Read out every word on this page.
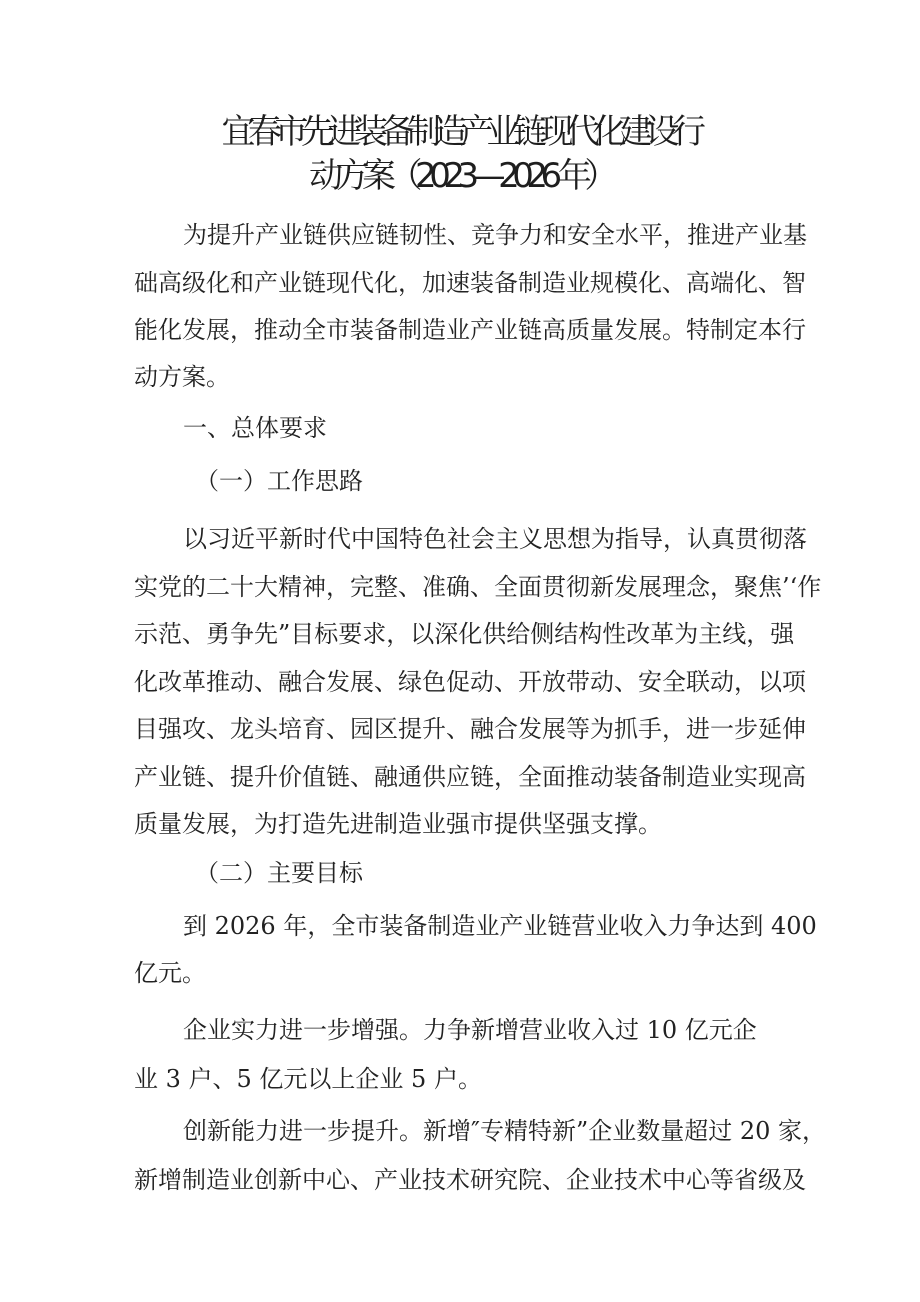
宜春市先进装备制造产业链现代化建设行
动方案（2023—2026 年）
为提升产业链供应链韧性、竞争力和安全水平，推进产业基
础高级化和产业链现代化，加速装备制造业规模化、高端化、智
能化发展，推动全市装备制造业产业链高质量发展。特制定本行
动方案。
一、总体要求
（一）工作思路
以习近平新时代中国特色社会主义思想为指导，认真贯彻落
实党的二十大精神，完整、准确、全面贯彻新发展理念，聚焦’‘作
示范、勇争先”目标要求，以深化供给侧结构性改革为主线，强
化改革推动、融合发展、绿色促动、开放带动、安全联动，以项
目强攻、龙头培育、园区提升、融合发展等为抓手，进一步延伸
产业链、提升价值链、融通供应链，全面推动装备制造业实现高
质量发展，为打造先进制造业强市提供坚强支撑。
（二）主要目标
到 2026 年，全市装备制造业产业链营业收入力争达到 400
亿元。
企业实力进一步增强。力争新增营业收入过 10 亿元企
业 3 户、5 亿元以上企业 5 户。
创新能力进一步提升。新增″专精特新”企业数量超过 20 家，
新增制造业创新中心、产业技术研究院、企业技术中心等省级及
